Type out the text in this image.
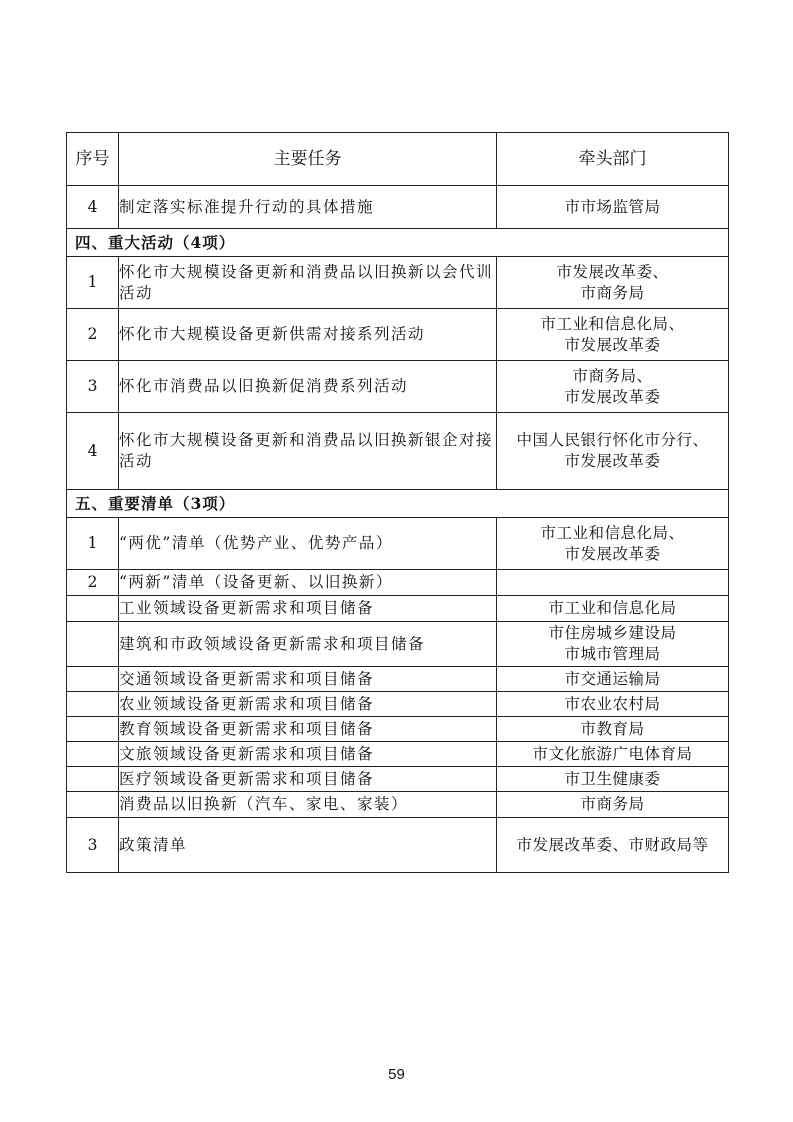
序号	主要任务	牵头部门
4	制定落实标准提升行动的具体措施	市市场监管局

四、重大活动（4项）		
1	怀化市大规模设备更新和消费品以旧换新以会代训活动	市发展改革委、
市商务局

2	怀化市大规模设备更新供需对接系列活动	市工业和信息化局、
市发展改革委

3	怀化市消费品以旧换新促消费系列活动	市商务局、
市发展改革委

4	怀化市大规模设备更新和消费品以旧换新银企对接活动	中国人民银行怀化市分行、
市发展改革委

五、重要清单（3项）		
1	“两优”清单（优势产业、优势产品）	市工业和信息化局、
市发展改革委

2	“两新”清单（设备更新、以旧换新）	
	工业领域设备更新需求和项目储备	市工业和信息化局

	建筑和市政领域设备更新需求和项目储备	市住房城乡建设局
市城市管理局

	交通领域设备更新需求和项目储备	市交通运输局

	农业领域设备更新需求和项目储备	市农业农村局

	教育领域设备更新需求和项目储备	市教育局

	文旅领域设备更新需求和项目储备	市文化旅游广电体育局

	医疗领域设备更新需求和项目储备	市卫生健康委

	消费品以旧换新（汽车、家电、家装）	市商务局

3	政策清单	市发展改革委、市财政局等
59
